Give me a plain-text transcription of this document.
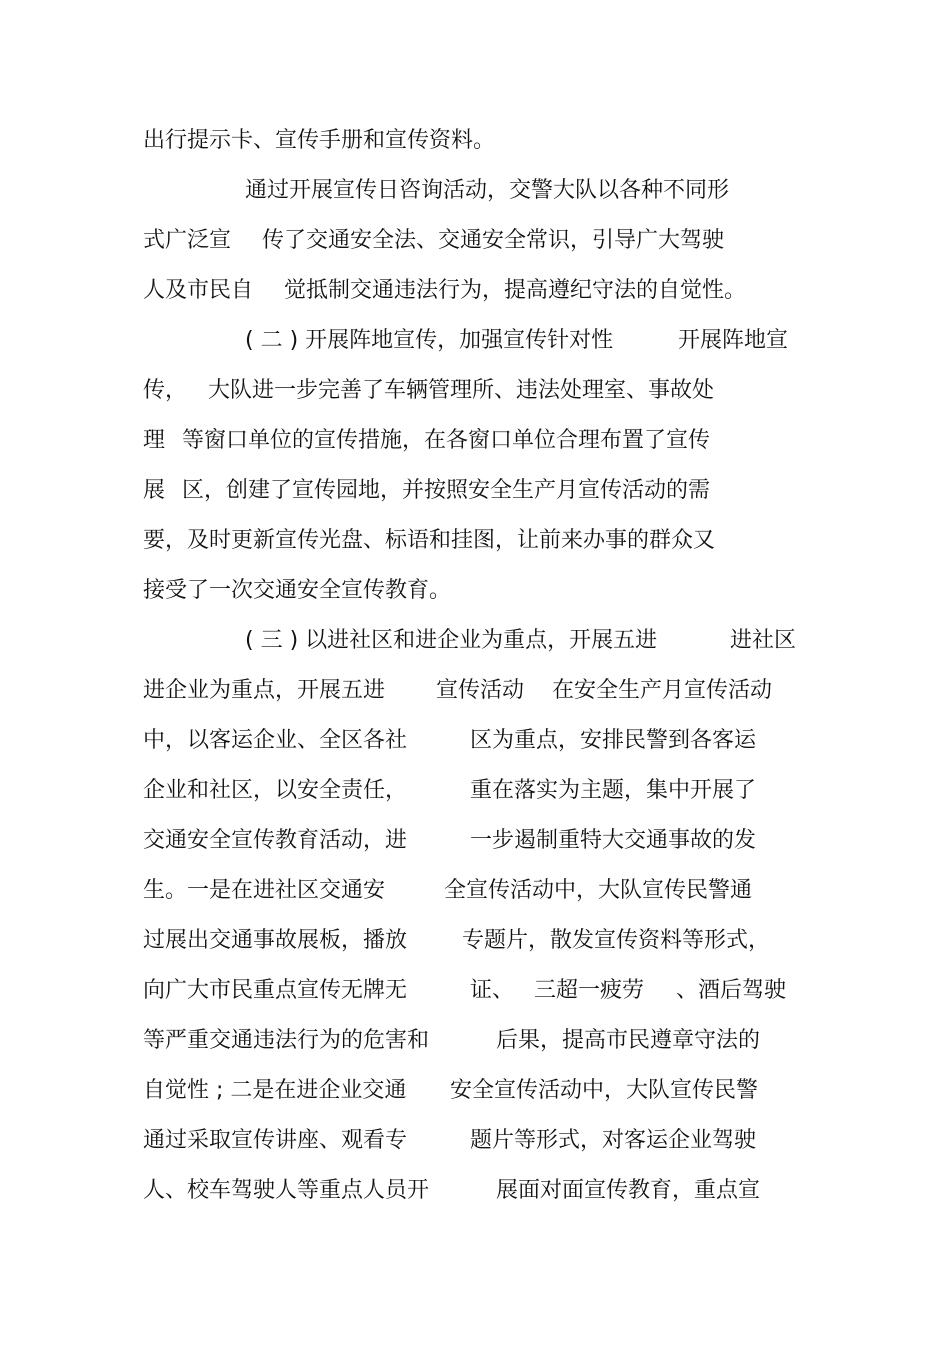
出行提示卡、宣传手册和宣传资料。

通过开展宣传日咨询活动，交警大队以各种不同形

式广泛宣

传了交通安全法、交通安全常识，引导广大驾驶

人及市民自

觉抵制交通违法行为，提高遵纪守法的自觉性。

( 二 ) 开展阵地宣传，加强宣传针对性

	开展阵地宣

传，

大队进一步完善了车辆管理所、违法处理室、事故处

理

等窗口单位的宣传措施，在各窗口单位合理布置了宣传

展

区，创建了宣传园地，并按照安全生产月宣传活动的需

要，及时更新宣传光盘、标语和挂图，让前来办事的群众又

接受了一次交通安全宣传教育。

( 三 ) 以进社区和进企业为重点，开展五进

	进社区

进企业为重点，开展五进

宣传活动

在安全生产月宣传活动

中，以客运企业、全区各社

	区为重点，安排民警到各客运

企业和社区，以安全责任，

	重在落实为主题，集中开展了

交通安全宣传教育活动，进

	一步遏制重特大交通事故的发

生。一是在进社区交通安

	全宣传活动中，大队宣传民警通

过展出交通事故展板，播放

专题片，散发宣传资料等形式，

向广大市民重点宣传无牌无

	证、

三超一疲劳

、酒后驾驶

等严重交通违法行为的危害和

	后果，提高市民遵章守法的

自觉性 ; 二是在进企业交通

安全宣传活动中，大队宣传民警

通过采取宣传讲座、观看专

	题片等形式，对客运企业驾驶

人、校车驾驶人等重点人员开

	展面对面宣传教育，重点宣
